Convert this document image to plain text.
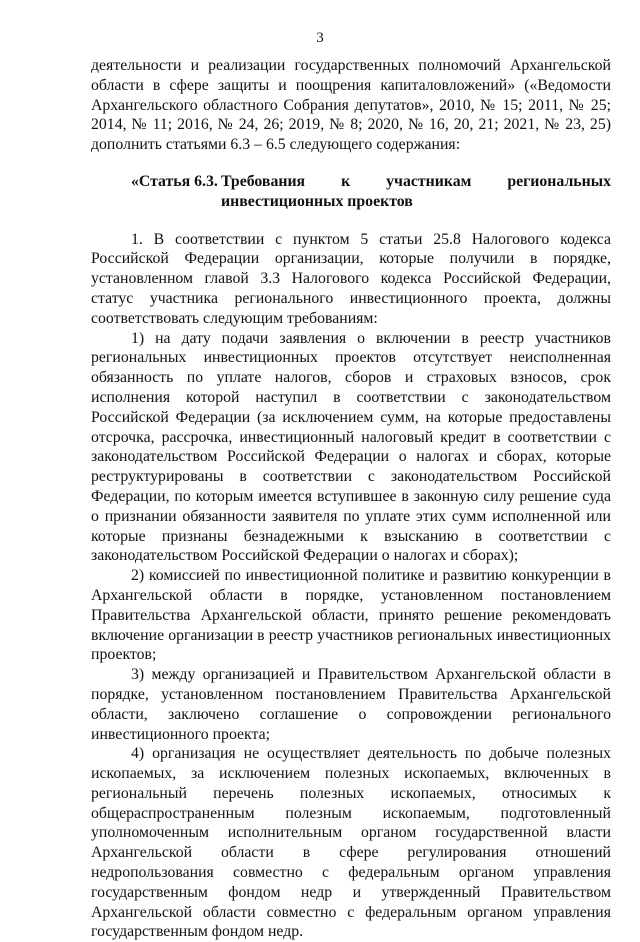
3

деятельности и реализации государственных полномочий Архангельской области в сфере защиты и поощрения капиталовложений» («Ведомости Архангельского областного Собрания депутатов», 2010, № 15; 2011, № 25; 2014, № 11; 2016, № 24, 26; 2019, № 8; 2020, № 16, 20, 21; 2021, № 23, 25) дополнить статьями 6.3 – 6.5 следующего содержания:

«Статья 6.3. Требования к участникам региональных инвестиционных проектов

1. В соответствии с пунктом 5 статьи 25.8 Налогового кодекса Российской Федерации организации, которые получили в порядке, установленном главой 3.3 Налогового кодекса Российской Федерации, статус участника регионального инвестиционного проекта, должны соответствовать следующим требованиям:

1) на дату подачи заявления о включении в реестр участников региональных инвестиционных проектов отсутствует неисполненная обязанность по уплате налогов, сборов и страховых взносов, срок исполнения которой наступил в соответствии с законодательством Российской Федерации (за исключением сумм, на которые предоставлены отсрочка, рассрочка, инвестиционный налоговый кредит в соответствии с законодательством Российской Федерации о налогах и сборах, которые реструктурированы в соответствии с законодательством Российской Федерации, по которым имеется вступившее в законную силу решение суда о признании обязанности заявителя по уплате этих сумм исполненной или которые признаны безнадежными к взысканию в соответствии с законодательством Российской Федерации о налогах и сборах);

2) комиссией по инвестиционной политике и развитию конкуренции в Архангельской области в порядке, установленном постановлением Правительства Архангельской области, принято решение рекомендовать включение организации в реестр участников региональных инвестиционных проектов;

3) между организацией и Правительством Архангельской области в порядке, установленном постановлением Правительства Архангельской области, заключено соглашение о сопровождении регионального инвестиционного проекта;

4) организация не осуществляет деятельность по добыче полезных ископаемых, за исключением полезных ископаемых, включенных в региональный перечень полезных ископаемых, относимых к общераспространенным полезным ископаемым, подготовленный уполномоченным исполнительным органом государственной власти Архангельской области в сфере регулирования отношений недропользования совместно с федеральным органом управления государственным фондом недр и утвержденный Правительством Архангельской области совместно с федеральным органом управления государственным фондом недр.
